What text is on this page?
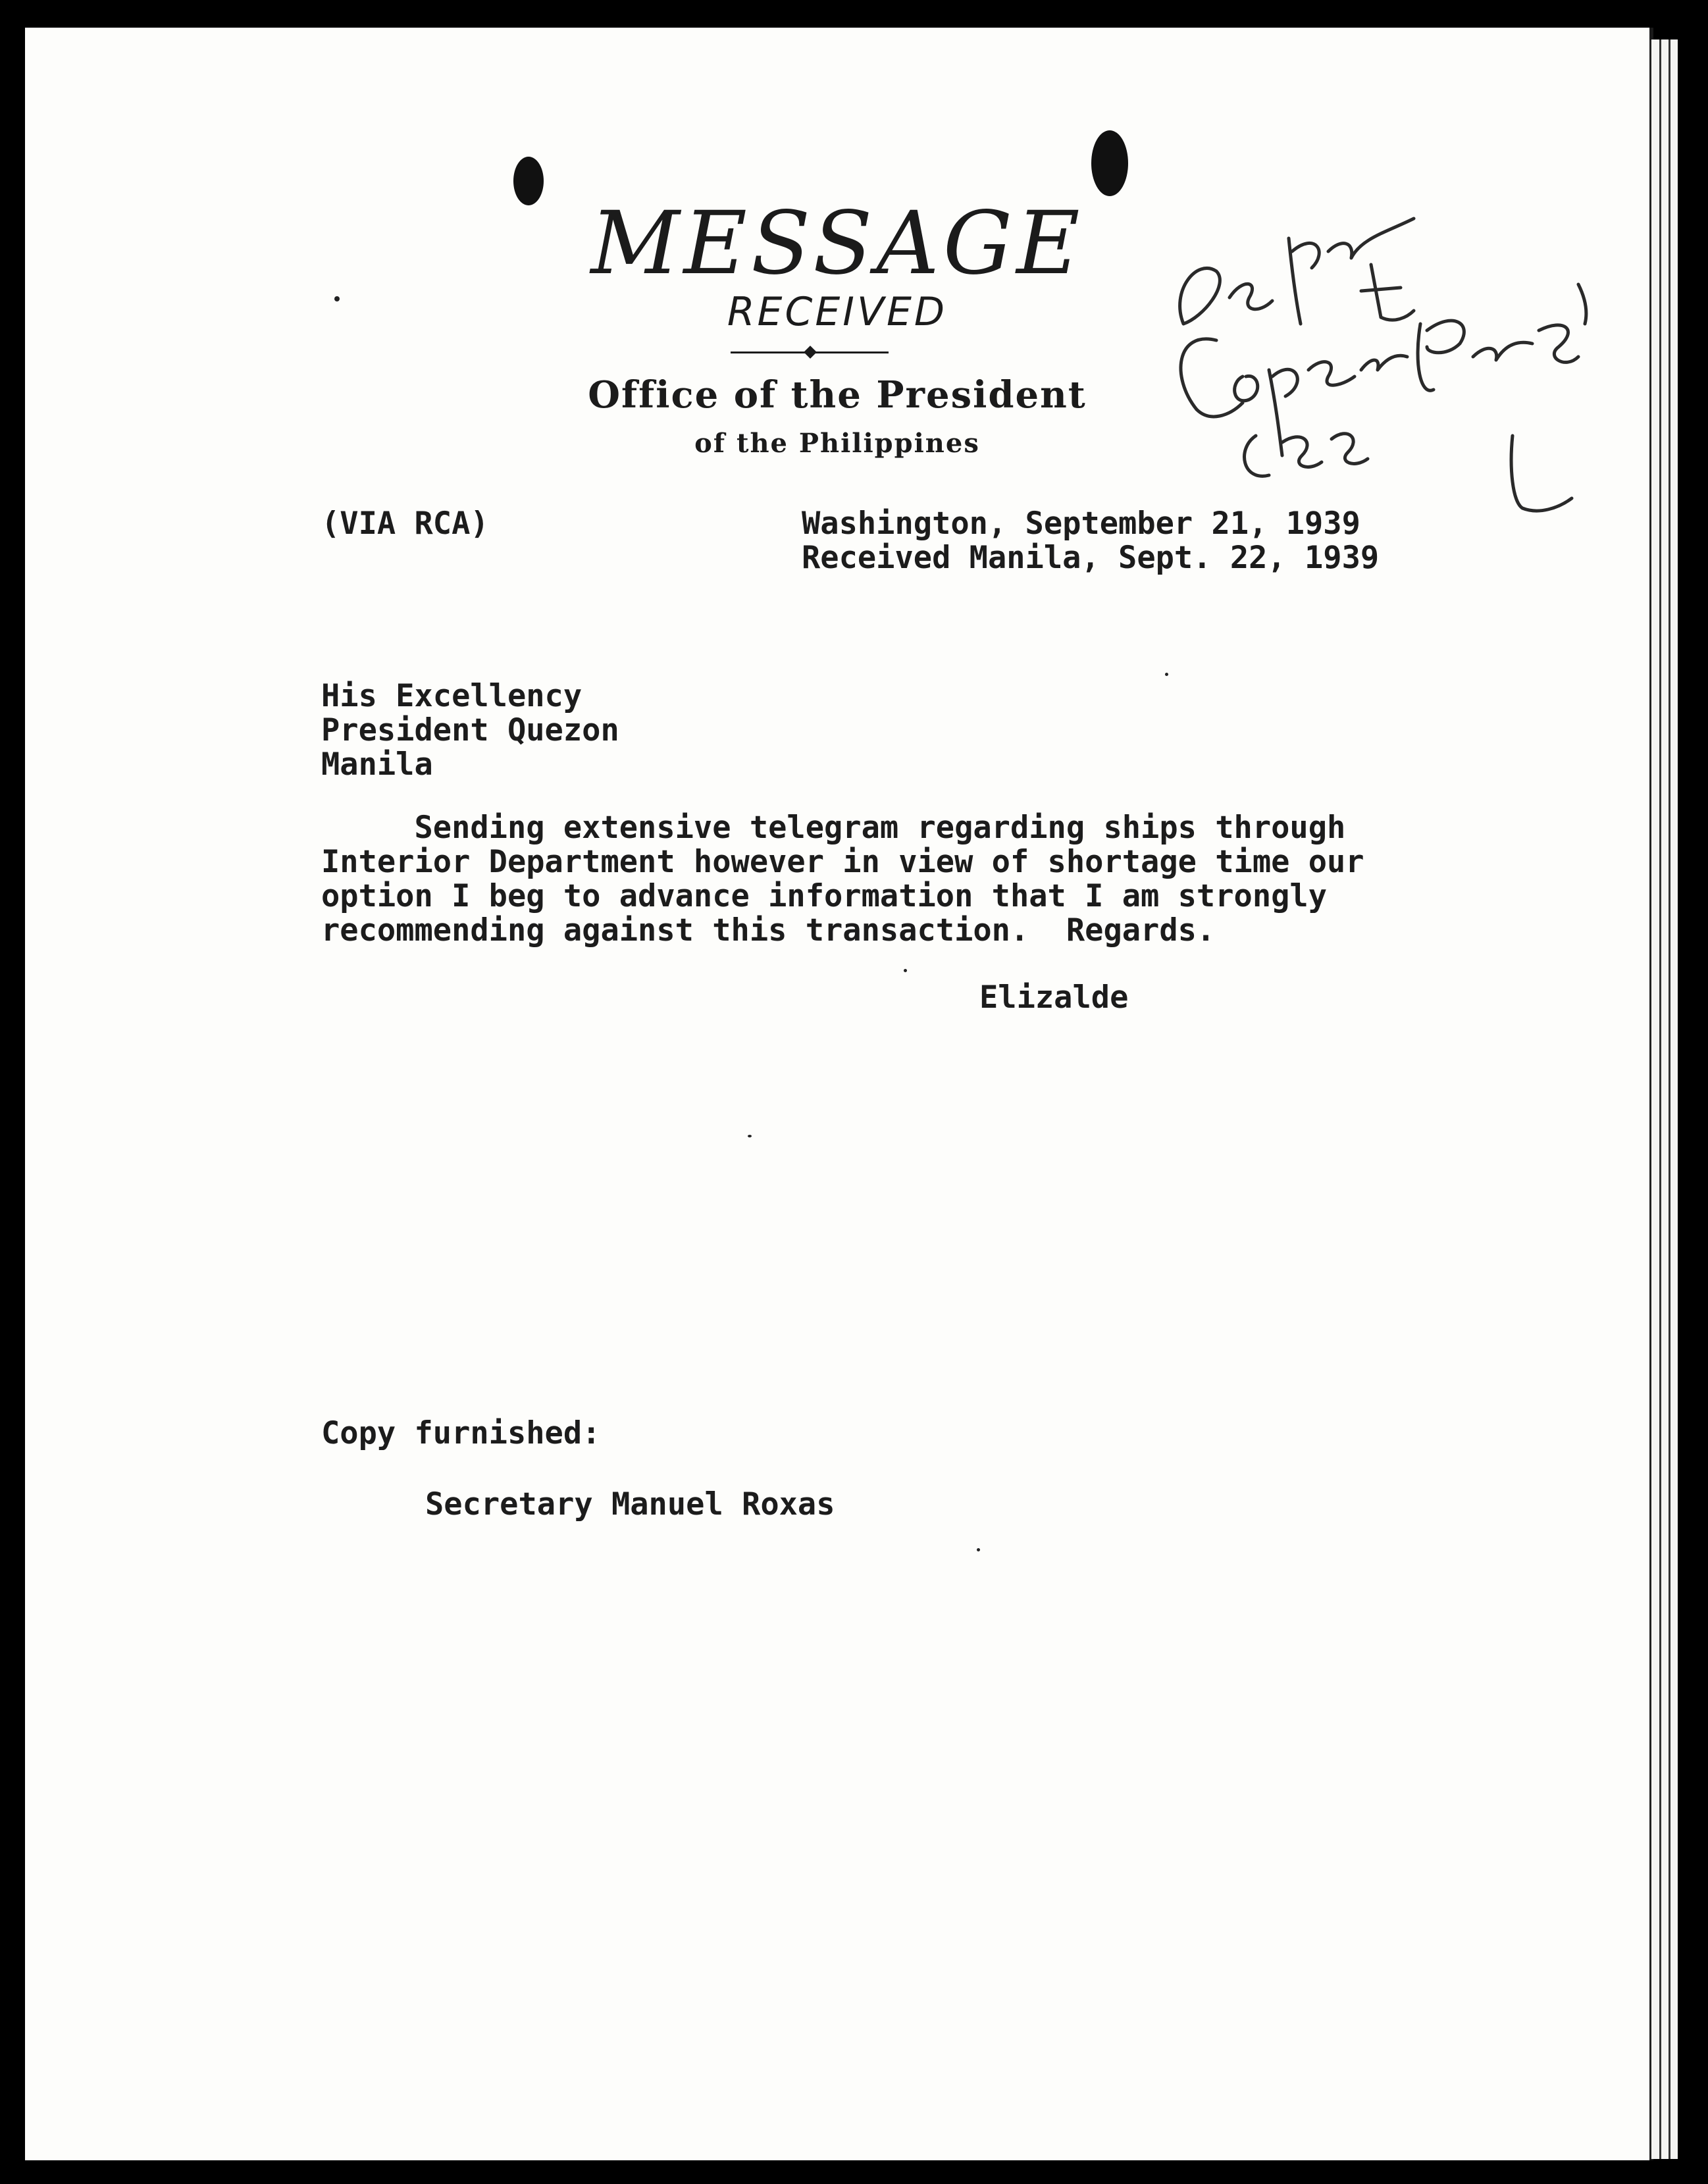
MESSAGE
RECEIVED
Office of the President
of the Philippines
(VIA RCA)	Washington, September 21, 1939
Received Manila, Sept. 22, 1939
His Excellency
President Quezon
Manila
Sending extensive telegram regarding ships through
Interior Department however in view of shortage time our
option I beg to advance information that I am strongly
recommending against this transaction.  Regards.
Elizalde
Copy furnished:
Secretary Manuel Roxas
